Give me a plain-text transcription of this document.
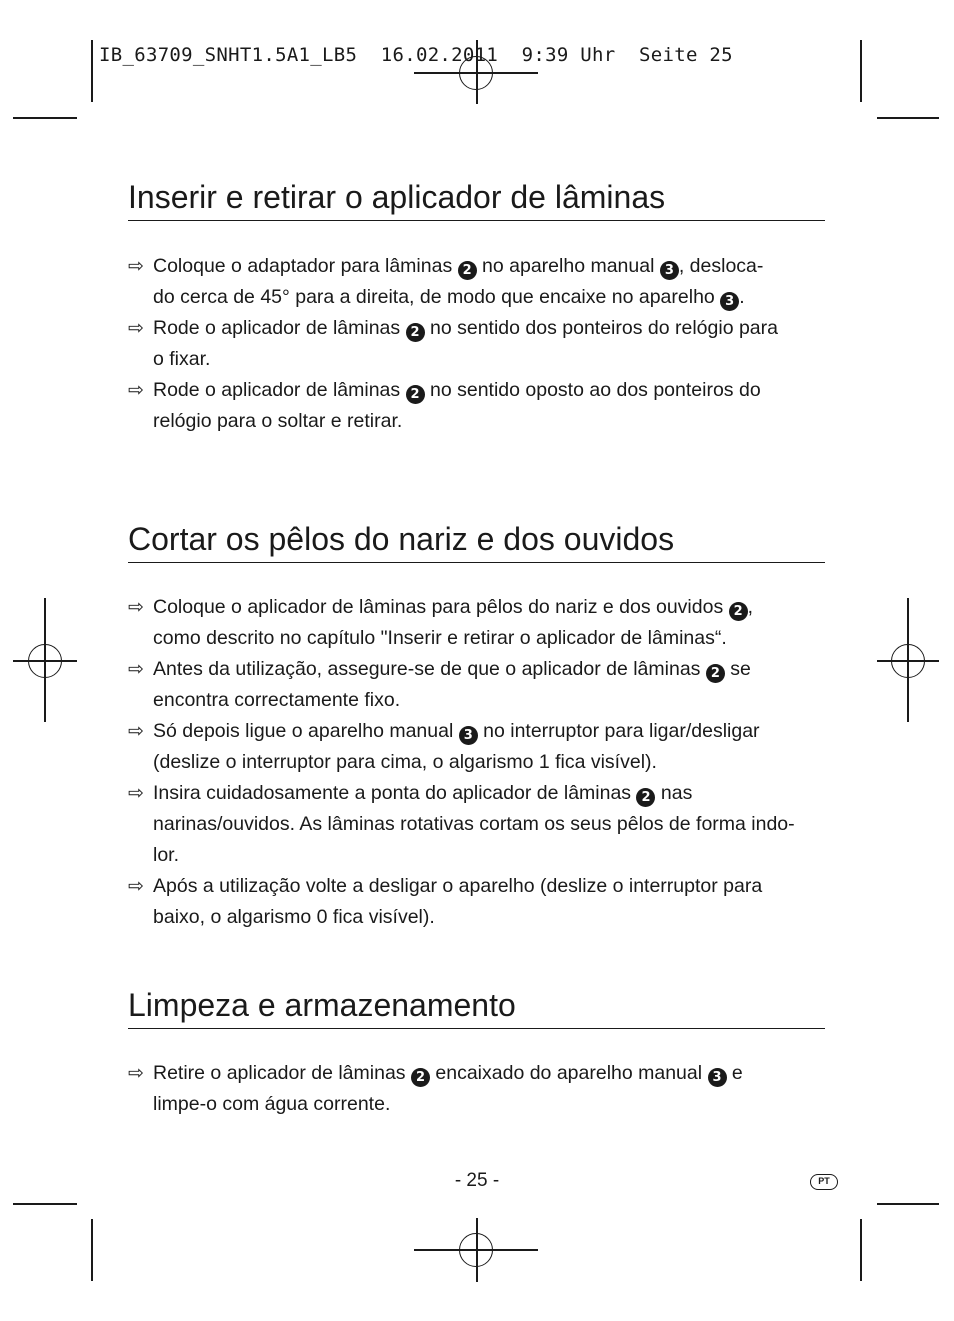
IB_63709_SNHT1.5A1_LB5  16.02.2011  9:39 Uhr  Seite 25
Inserir e retirar o aplicador de lâminas
⇨ Coloque o adaptador para lâminas 2 no aparelho manual 3 , desloca-
do cerca de 45° para a direita, de modo que encaixe no aparelho 3 .
⇨ Rode o aplicador de lâminas 2 no sentido dos ponteiros do relógio para
o fixar.
⇨ Rode o aplicador de lâminas 2 no sentido oposto ao dos ponteiros do
relógio para o soltar e retirar.
Cortar os pêlos do nariz e dos ouvidos
⇨ Coloque o aplicador de lâminas para pêlos do nariz e dos ouvidos 2 ,
como descrito no capítulo "Inserir e retirar o aplicador de lâminas“.
⇨ Antes da utilização, assegure-se de que o aplicador de lâminas 2 se
encontra correctamente fixo.
⇨ Só depois ligue o aparelho manual 3 no interruptor para ligar/desligar
(deslize o interruptor para cima, o algarismo 1 fica visível).
⇨ Insira cuidadosamente a ponta do aplicador de lâminas 2 nas
narinas/ouvidos. As lâminas rotativas cortam os seus pêlos de forma indo-
lor.
⇨ Após a utilização volte a desligar o aparelho (deslize o interruptor para
baixo, o algarismo 0 fica visível).
Limpeza e armazenamento
⇨ Retire o aplicador de lâminas 2 encaixado do aparelho manual 3 e
limpe-o com água corrente.
- 25 -	PT
